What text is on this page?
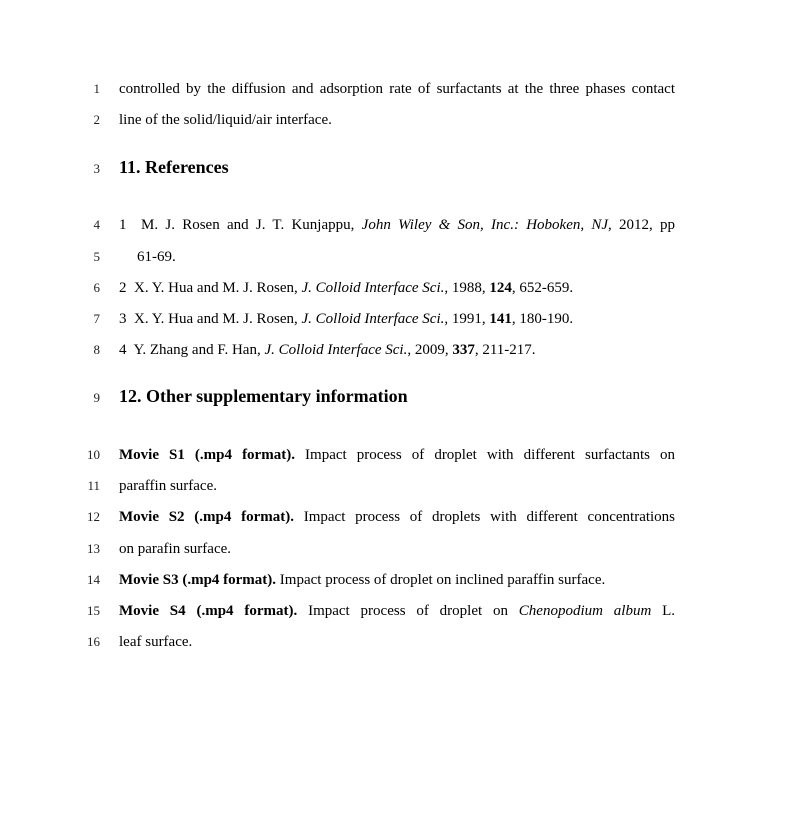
1 controlled by the diffusion and adsorption rate of surfactants at the three phases contact
2 line of the solid/liquid/air interface.
3 11. References
4 1 M. J. Rosen and J. T. Kunjappu, John Wiley & Son, Inc.: Hoboken, NJ, 2012, pp
5 61-69.
6 2 X. Y. Hua and M. J. Rosen, J. Colloid Interface Sci., 1988, 124, 652-659.
7 3 X. Y. Hua and M. J. Rosen, J. Colloid Interface Sci., 1991, 141, 180-190.
8 4 Y. Zhang and F. Han, J. Colloid Interface Sci., 2009, 337, 211-217.
9 12. Other supplementary information
10 Movie S1 (.mp4 format). Impact process of droplet with different surfactants on
11 paraffin surface.
12 Movie S2 (.mp4 format). Impact process of droplets with different concentrations
13 on parafin surface.
14 Movie S3 (.mp4 format). Impact process of droplet on inclined paraffin surface.
15 Movie S4 (.mp4 format). Impact process of droplet on Chenopodium album L.
16 leaf surface.
